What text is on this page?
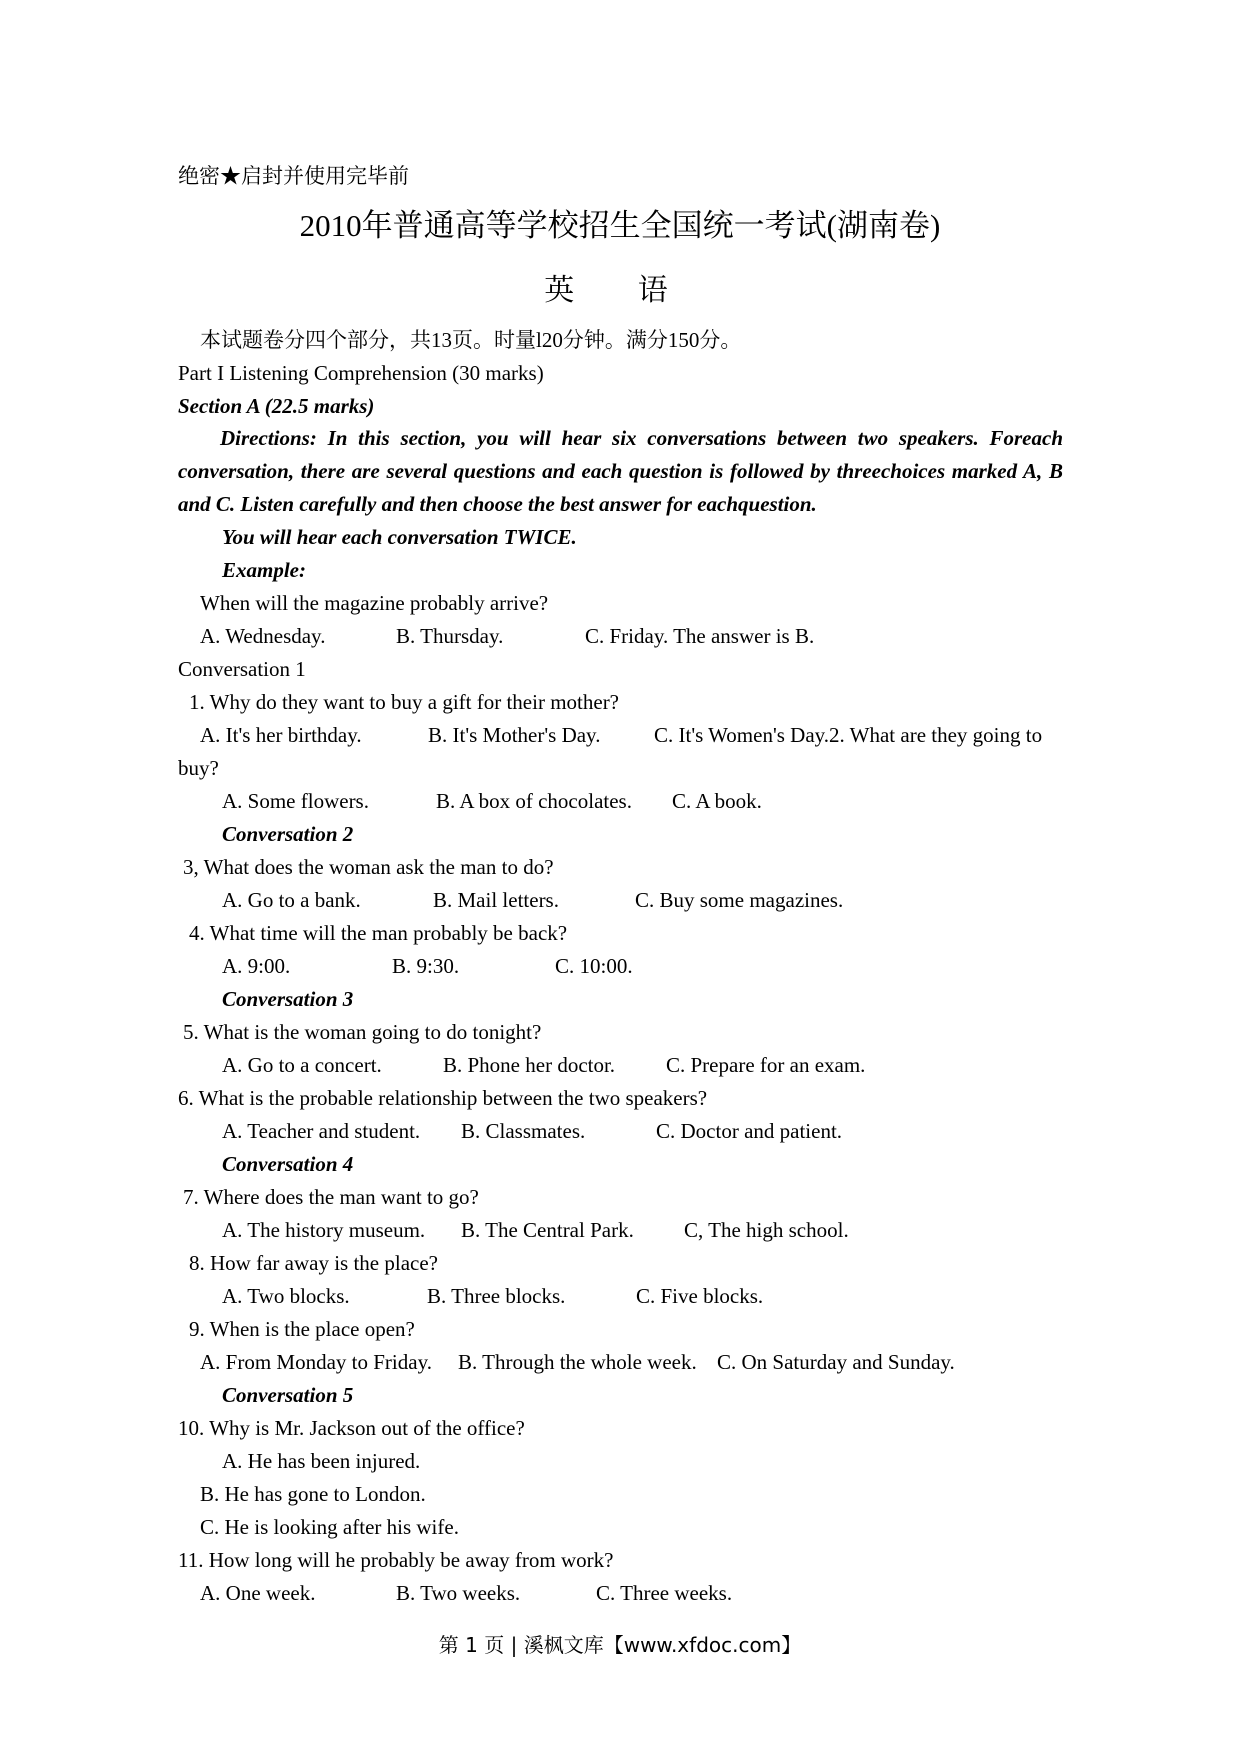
绝密★启封并使用完毕前
2010年普通高等学校招生全国统一考试(湖南卷)
英 语
本试题卷分四个部分，共13页。时量l20分钟。满分150分。
Part I Listening Comprehension (30 marks)
Section A (22.5 marks)
Directions: In this section, you will hear six conversations between two speakers. Foreach conversation, there are several questions and each question is followed by threechoices marked A, B and C. Listen carefully and then choose the best answer for eachquestion.
You will hear each conversation TWICE.
Example:
When will the magazine probably arrive?
A. Wednesday.	B. Thursday.	C. Friday. The answer is B.
Conversation 1
1. Why do they want to buy a gift for their mother?
A. It's her birthday.	B. It's Mother's Day.	C. It's Women's Day.2. What are they going to
buy?
A. Some flowers.	B. A box of chocolates. C. A book.
Conversation 2
3, What does the woman ask the man to do?
A. Go to a bank.	B. Mail letters.	C. Buy some magazines.
4. What time will the man probably be back?
A. 9:00.	B. 9:30.	C. 10:00.
Conversation 3
5. What is the woman going to do tonight?
A. Go to a concert.	B. Phone her doctor. C. Prepare for an exam.
6. What is the probable relationship between the two speakers?
A. Teacher and student. B. Classmates.	C. Doctor and patient.
Conversation 4
7. Where does the man want to go?
A. The history museum. B. The Central Park. C, The high school.
8. How far away is the place?
A. Two blocks.	B. Three blocks.	C. Five blocks.
9. When is the place open?
A. From Monday to Friday. B. Through the whole week. C. On Saturday and Sunday.
Conversation 5
10. Why is Mr. Jackson out of the office?
A. He has been injured.
B. He has gone to London.
C. He is looking after his wife.
11. How long will he probably be away from work?
A. One week.	B. Two weeks.	C. Three weeks.
第 1 页 | 溪枫文库【www.xfdoc.com】
